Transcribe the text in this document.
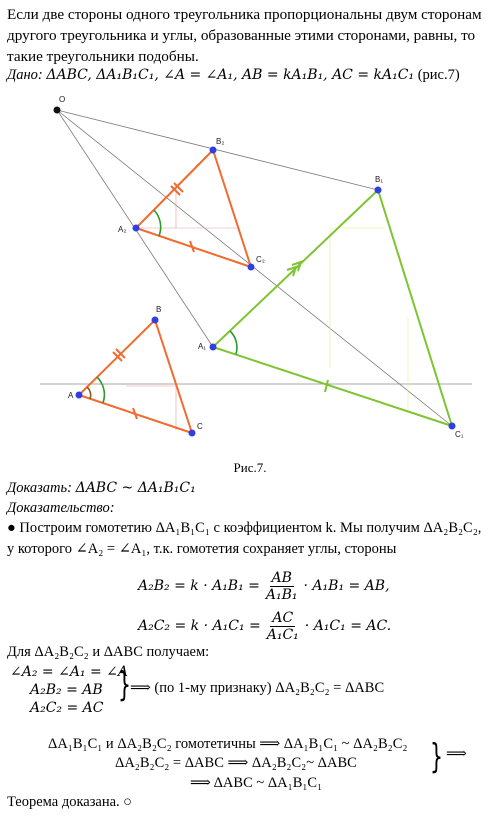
Если две стороны одного треугольника пропорциональны двум сторонам другого треугольника и углы, образованные этими сторонами, равны, то такие треугольники подобны.
Дано: ΔABC, ΔA₁B₁C₁, ∠A = ∠A₁, AB = kA₁B₁, AC = kA₁C₁ (рис.7)
O
B₂
B₁
A₂
C₂
A₁
B
A
C
C₁
Рис.7.
Доказать: ΔABC ~ ΔA₁B₁C₁
Доказательство:
● Построим гомотетию ΔA₁B₁C₁ с коэффициентом k. Мы получим ΔA₂B₂C₂,
у которого ∠A₂ = ∠A₁, т.к. гомотетия сохраняет углы, стороны
$A_2B_2 = k \cdot A_1B_1 = \frac{AB}{\text{A₁B₁}} \cdot A_1B_1$ = AB,
$A_2C_2 = k \cdot A_1C_1 = \frac{AC}{\text{A₁C₁}} \cdot A_1C_1$ = AC.
Для ΔA₂B₂C₂ и ΔABC получаем:
∠A₂ = ∠A₁ = ∠A
A₂B₂ = AB
A₂C₂ = AC
} ⟹ (по 1-му признаку) ΔA₂B₂C₂ = ΔABC
ΔA₁B₁C₁ и ΔA₂B₂C₂ гомотетичны ⟹ ΔA₁B₁C₁ ~ ΔA₂B₂C₂
ΔA₂B₂C₂ = ΔABC ⟹ ΔA₂B₂C₂~ ΔABC } ⟹
⟹ ΔABC ~ ΔA₁B₁C₁
Теорема доказана. ○
